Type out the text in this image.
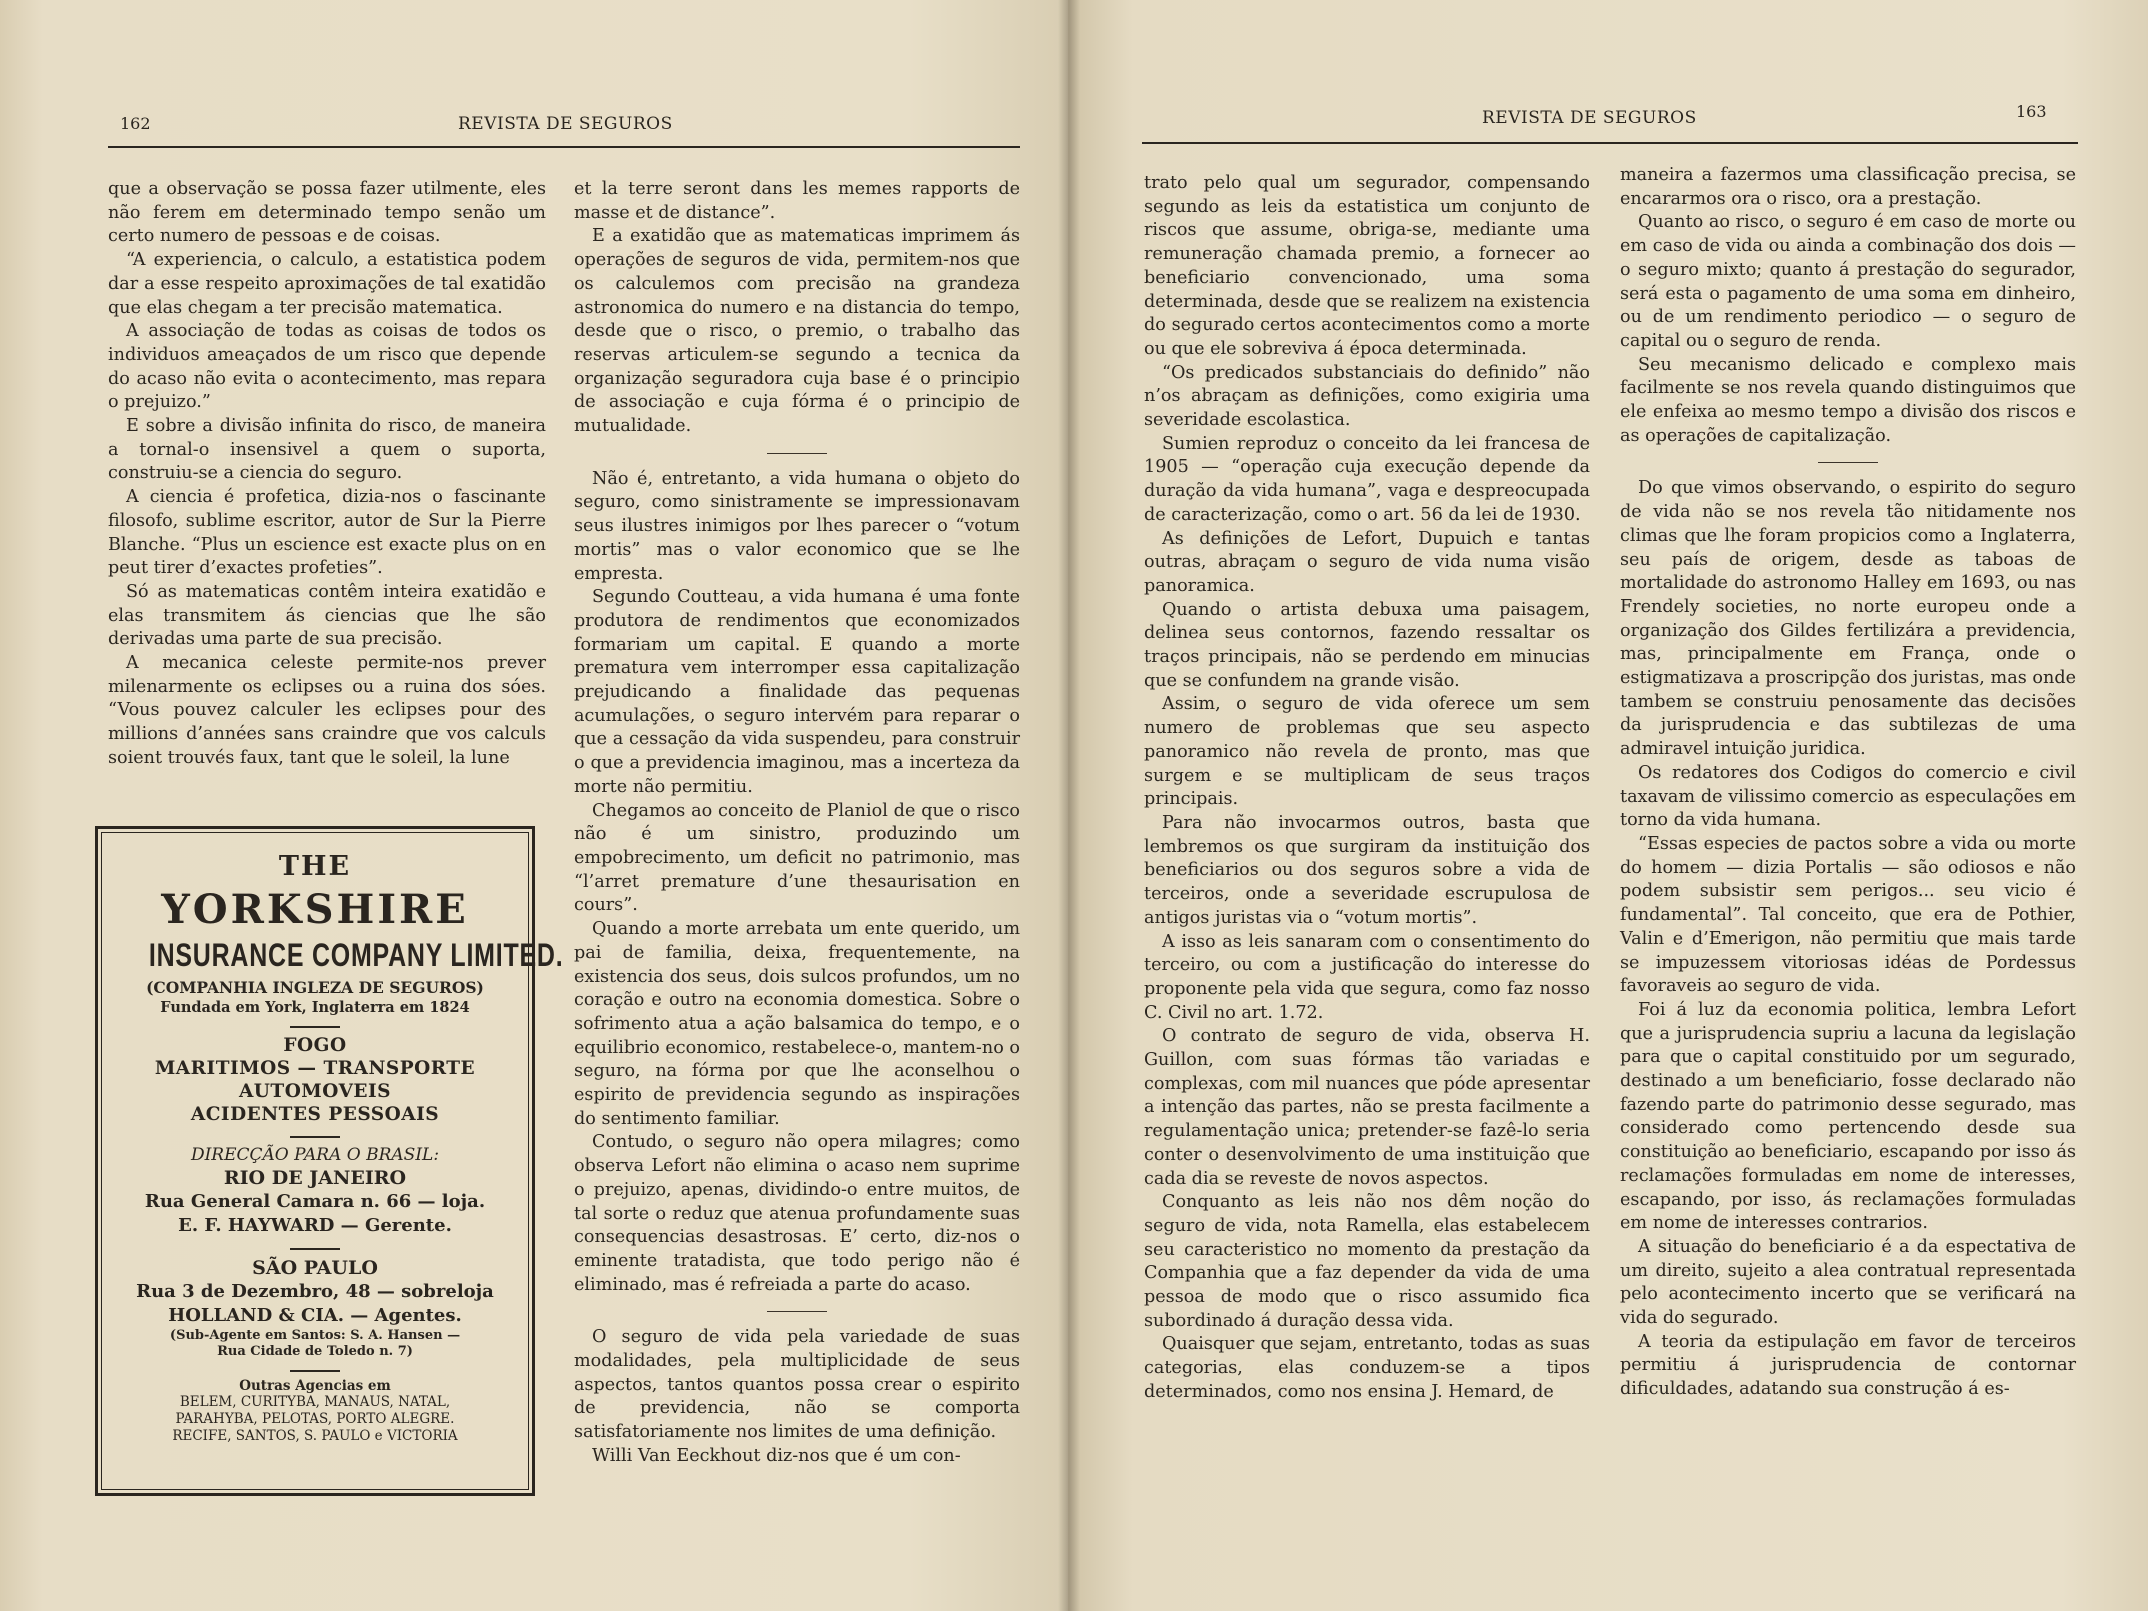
162	REVISTA DE SEGUROS

que a observação se possa fazer utilmente, eles não ferem em determinado tempo senão um certo numero de pessoas e de coisas.

“A experiencia, o calculo, a estatistica podem dar a esse respeito aproximações de tal exatidão que elas chegam a ter precisão matematica.

A associação de todas as coisas de todos os individuos ameaçados de um risco que depende do acaso não evita o acontecimento, mas repara o prejuizo.”

E sobre a divisão infinita do risco, de maneira a tornal-o insensivel a quem o suporta, construiu-se a ciencia do seguro.

A ciencia é profetica, dizia-nos o fascinante filosofo, sublime escritor, autor de Sur la Pierre Blanche. “Plus un escience est exacte plus on en peut tirer d’exactes profeties”.

Só as matematicas contêm inteira exatidão e elas transmitem ás ciencias que lhe são derivadas uma parte de sua precisão.

A mecanica celeste permite-nos prever milenarmente os eclipses ou a ruina dos sóes. “Vous pouvez calculer les eclipses pour des millions d’années sans craindre que vos calculs soient trouvés faux, tant que le soleil, la lune

et la terre seront dans les memes rapports de masse et de distance”.

E a exatidão que as matematicas imprimem ás operações de seguros de vida, permitem-nos que os calculemos com precisão na grandeza astronomica do numero e na distancia do tempo, desde que o risco, o premio, o trabalho das reservas articulem-se segundo a tecnica da organização seguradora cuja base é o principio de associação e cuja fórma é o principio de mutualidade.

Não é, entretanto, a vida humana o objeto do seguro, como sinistramente se impressionavam seus ilustres inimigos por lhes parecer o “votum mortis” mas o valor economico que se lhe empresta.

Segundo Coutteau, a vida humana é uma fonte produtora de rendimentos que economizados formariam um capital. E quando a morte prematura vem interromper essa capitalização prejudicando a finalidade das pequenas acumulações, o seguro intervém para reparar o que a cessação da vida suspendeu, para construir o que a previdencia imaginou, mas a incerteza da morte não permitiu.

Chegamos ao conceito de Planiol de que o risco não é um sinistro, produzindo um empobrecimento, um deficit no patrimonio, mas “l’arret premature d’une thesaurisation en cours”.

Quando a morte arrebata um ente querido, um pai de familia, deixa, frequentemente, na existencia dos seus, dois sulcos profundos, um no coração e outro na economia domestica. Sobre o sofrimento atua a ação balsamica do tempo, e o equilibrio economico, restabelece-o, mantem-no o seguro, na fórma por que lhe aconselhou o espirito de previdencia segundo as inspirações do sentimento familiar.

Contudo, o seguro não opera milagres; como observa Lefort não elimina o acaso nem suprime o prejuizo, apenas, dividindo-o entre muitos, de tal sorte o reduz que atenua profundamente suas consequencias desastrosas. E’ certo, diz-nos o eminente tratadista, que todo perigo não é eliminado, mas é refreiada a parte do acaso.

O seguro de vida pela variedade de suas modalidades, pela multiplicidade de seus aspectos, tantos quantos possa crear o espirito de previdencia, não se comporta satisfatoriamente nos limites de uma definição.

Willi Van Eeckhout diz-nos que é um con-

THE
YORKSHIRE
INSURANCE COMPANY LIMITED.
(COMPANHIA INGLEZA DE SEGUROS)
Fundada em York, Inglaterra em 1824
FOGO
MARITIMOS — TRANSPORTE
AUTOMOVEIS
ACIDENTES PESSOAIS
DIRECÇÃO PARA O BRASIL:
RIO DE JANEIRO
Rua General Camara n. 66 — loja.
E. F. HAYWARD — Gerente.
SÃO PAULO
Rua 3 de Dezembro, 48 — sobreloja
HOLLAND & CIA. — Agentes.
(Sub-Agente em Santos: S. A. Hansen —
Rua Cidade de Toledo n. 7)
Outras Agencias em
BELEM, CURITYBA, MANAUS, NATAL,
PARAHYBA, PELOTAS, PORTO ALEGRE.
RECIFE, SANTOS, S. PAULO e VICTORIA
REVISTA DE SEGUROS	163

trato pelo qual um segurador, compensando segundo as leis da estatistica um conjunto de riscos que assume, obriga-se, mediante uma remuneração chamada premio, a fornecer ao beneficiario convencionado, uma soma determinada, desde que se realizem na existencia do segurado certos acontecimentos como a morte ou que ele sobreviva á época determinada.

“Os predicados substanciais do definido” não n’os abraçam as definições, como exigiria uma severidade escolastica.

Sumien reproduz o conceito da lei francesa de 1905 — “operação cuja execução depende da duração da vida humana”, vaga e despreocupada de caracterização, como o art. 56 da lei de 1930.

As definições de Lefort, Dupuich e tantas outras, abraçam o seguro de vida numa visão panoramica.

Quando o artista debuxa uma paisagem, delinea seus contornos, fazendo ressaltar os traços principais, não se perdendo em minucias que se confundem na grande visão.

Assim, o seguro de vida oferece um sem numero de problemas que seu aspecto panoramico não revela de pronto, mas que surgem e se multiplicam de seus traços principais.

Para não invocarmos outros, basta que lembremos os que surgiram da instituição dos beneficiarios ou dos seguros sobre a vida de terceiros, onde a severidade escrupulosa de antigos juristas via o “votum mortis”.

A isso as leis sanaram com o consentimento do terceiro, ou com a justificação do interesse do proponente pela vida que segura, como faz nosso C. Civil no art. 1.72.

O contrato de seguro de vida, observa H. Guillon, com suas fórmas tão variadas e complexas, com mil nuances que póde apresentar a intenção das partes, não se presta facilmente a regulamentação unica; pretender-se fazê-lo seria conter o desenvolvimento de uma instituição que cada dia se reveste de novos aspectos.

Conquanto as leis não nos dêm noção do seguro de vida, nota Ramella, elas estabelecem seu caracteristico no momento da prestação da Companhia que a faz depender da vida de uma pessoa de modo que o risco assumido fica subordinado á duração dessa vida.

Quaisquer que sejam, entretanto, todas as suas categorias, elas conduzem-se a tipos determinados, como nos ensina J. Hemard, de

maneira a fazermos uma classificação precisa, se encararmos ora o risco, ora a prestação.

Quanto ao risco, o seguro é em caso de morte ou em caso de vida ou ainda a combinação dos dois — o seguro mixto; quanto á prestação do segurador, será esta o pagamento de uma soma em dinheiro, ou de um rendimento periodico — o seguro de capital ou o seguro de renda.

Seu mecanismo delicado e complexo mais facilmente se nos revela quando distinguimos que ele enfeixa ao mesmo tempo a divisão dos riscos e as operações de capitalização.

Do que vimos observando, o espirito do seguro de vida não se nos revela tão nitidamente nos climas que lhe foram propicios como a Inglaterra, seu país de origem, desde as taboas de mortalidade do astronomo Halley em 1693, ou nas Frendely societies, no norte europeu onde a organização dos Gildes fertilizára a previdencia, mas, principalmente em França, onde o estigmatizava a proscripção dos juristas, mas onde tambem se construiu penosamente das decisões da jurisprudencia e das subtilezas de uma admiravel intuição juridica.

Os redatores dos Codigos do comercio e civil taxavam de vilissimo comercio as especulações em torno da vida humana.

“Essas especies de pactos sobre a vida ou morte do homem — dizia Portalis — são odiosos e não podem subsistir sem perigos... seu vicio é fundamental”. Tal conceito, que era de Pothier, Valin e d’Emerigon, não permitiu que mais tarde se impuzessem vitoriosas idéas de Pordessus favoraveis ao seguro de vida.

Foi á luz da economia politica, lembra Lefort que a jurisprudencia supriu a lacuna da legislação para que o capital constituido por um segurado, destinado a um beneficiario, fosse declarado não fazendo parte do patrimonio desse segurado, mas considerado como pertencendo desde sua constituição ao beneficiario, escapando por isso ás reclamações formuladas em nome de interesses, escapando, por isso, ás reclamações formuladas em nome de interesses contrarios.

A situação do beneficiario é a da espectativa de um direito, sujeito a alea contratual representada pelo acontecimento incerto que se verificará na vida do segurado.

A teoria da estipulação em favor de terceiros permitiu á jurisprudencia de contornar dificuldades, adatando sua construção á es-
